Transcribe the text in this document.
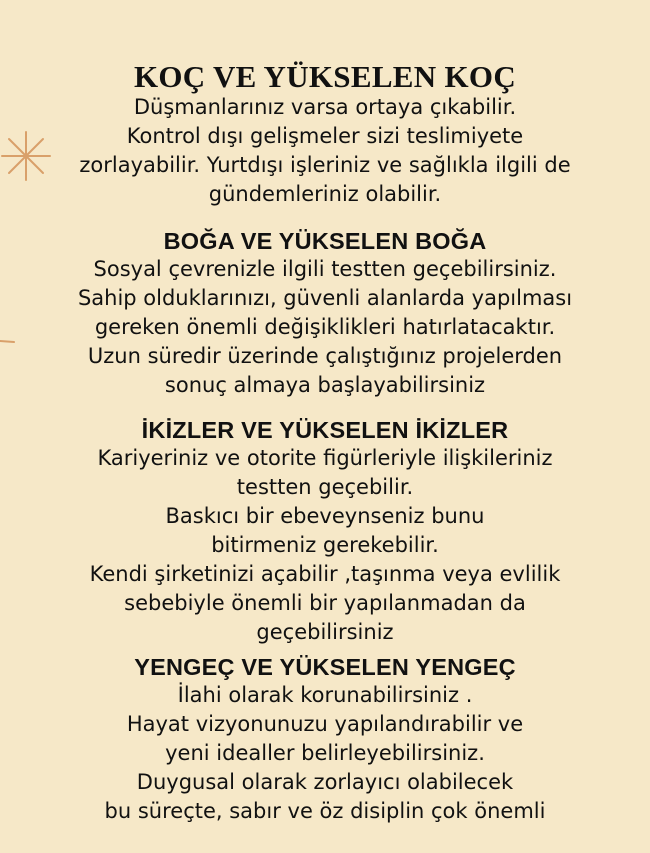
KOÇ VE YÜKSELEN KOÇ
Düşmanlarınız varsa ortaya çıkabilir.
Kontrol dışı gelişmeler sizi teslimiyete
zorlayabilir. Yurtdışı işleriniz ve sağlıkla ilgili de
gündemleriniz olabilir.
BOĞA VE YÜKSELEN BOĞA
Sosyal çevrenizle ilgili testten geçebilirsiniz.
Sahip olduklarınızı, güvenli alanlarda yapılması
gereken önemli değişiklikleri hatırlatacaktır.
Uzun süredir üzerinde çalıştığınız projelerden
sonuç almaya başlayabilirsiniz
İKİZLER VE YÜKSELEN İKİZLER
Kariyeriniz ve otorite figürleriyle ilişkileriniz
testten geçebilir.
Baskıcı bir ebeveynseniz bunu
bitirmeniz gerekebilir.
Kendi şirketinizi açabilir ,taşınma veya evlilik
sebebiyle önemli bir yapılanmadan da
geçebilirsiniz
YENGEÇ VE YÜKSELEN YENGEÇ
İlahi olarak korunabilirsiniz .
Hayat vizyonunuzu yapılandırabilir ve
yeni idealler belirleyebilirsiniz.
Duygusal olarak zorlayıcı olabilecek
bu süreçte, sabır ve öz disiplin çok önemli
